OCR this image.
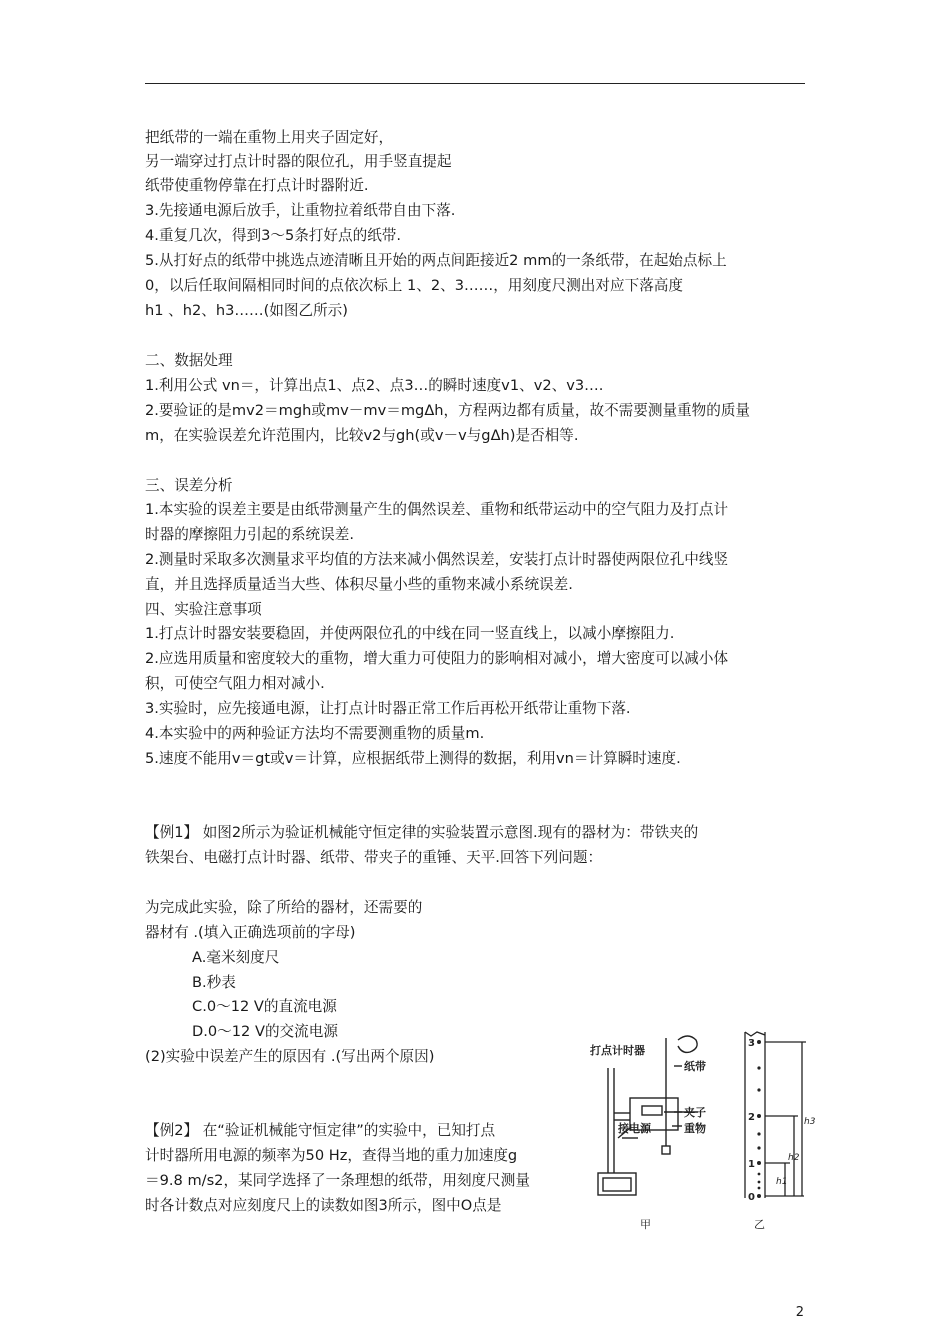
把纸带的一端在重物上用夹子固定好，
另一端穿过打点计时器的限位孔，用手竖直提起
纸带使重物停靠在打点计时器附近.
3.先接通电源后放手，让重物拉着纸带自由下落.
4.重复几次，得到3～5条打好点的纸带.
5.从打好点的纸带中挑选点迹清晰且开始的两点间距接近2 mm的一条纸带，在起始点标上
0，以后任取间隔相同时间的点依次标上 1、2、3……，用刻度尺测出对应下落高度
h1 、h2、h3……(如图乙所示)
二、数据处理
1.利用公式 vn＝，计算出点1、点2、点3…的瞬时速度v1、v2、v3….
2.要验证的是mv2＝mgh或mv－mv＝mgΔh，方程两边都有质量，故不需要测量重物的质量
m，在实验误差允许范围内，比较v2与gh(或v－v与gΔh)是否相等.
三、误差分析
1.本实验的误差主要是由纸带测量产生的偶然误差、重物和纸带运动中的空气阻力及打点计
时器的摩擦阻力引起的系统误差.
2.测量时采取多次测量求平均值的方法来减小偶然误差，安装打点计时器使两限位孔中线竖
直，并且选择质量适当大些、体积尽量小些的重物来减小系统误差.
四、实验注意事项
1.打点计时器安装要稳固，并使两限位孔的中线在同一竖直线上，以减小摩擦阻力.
2.应选用质量和密度较大的重物，增大重力可使阻力的影响相对减小，增大密度可以减小体
积，可使空气阻力相对减小.
3.实验时，应先接通电源，让打点计时器正常工作后再松开纸带让重物下落.
4.本实验中的两种验证方法均不需要测重物的质量m.
5.速度不能用v＝gt或v＝计算，应根据纸带上测得的数据，利用vn＝计算瞬时速度.
【例1】 如图2所示为验证机械能守恒定律的实验装置示意图.现有的器材为：带铁夹的
铁架台、电磁打点计时器、纸带、带夹子的重锤、天平.回答下列问题：
为完成此实验，除了所给的器材，还需要的
器材有 .(填入正确选项前的字母)
A.毫米刻度尺
B.秒表
C.0～12 V的直流电源
D.0～12 V的交流电源
(2)实验中误差产生的原因有 .(写出两个原因)
【例2】 在“验证机械能守恒定律”的实验中，已知打点
计时器所用电源的频率为50 Hz，查得当地的重力加速度g
＝9.8 m/s2，某同学选择了一条理想的纸带，用刻度尺测量
时各计数点对应刻度尺上的读数如图3所示，图中O点是
打点计时器
纸带
夹子
重物
接电源
甲
3
2
1
0
h3
h2
h1
乙
2
